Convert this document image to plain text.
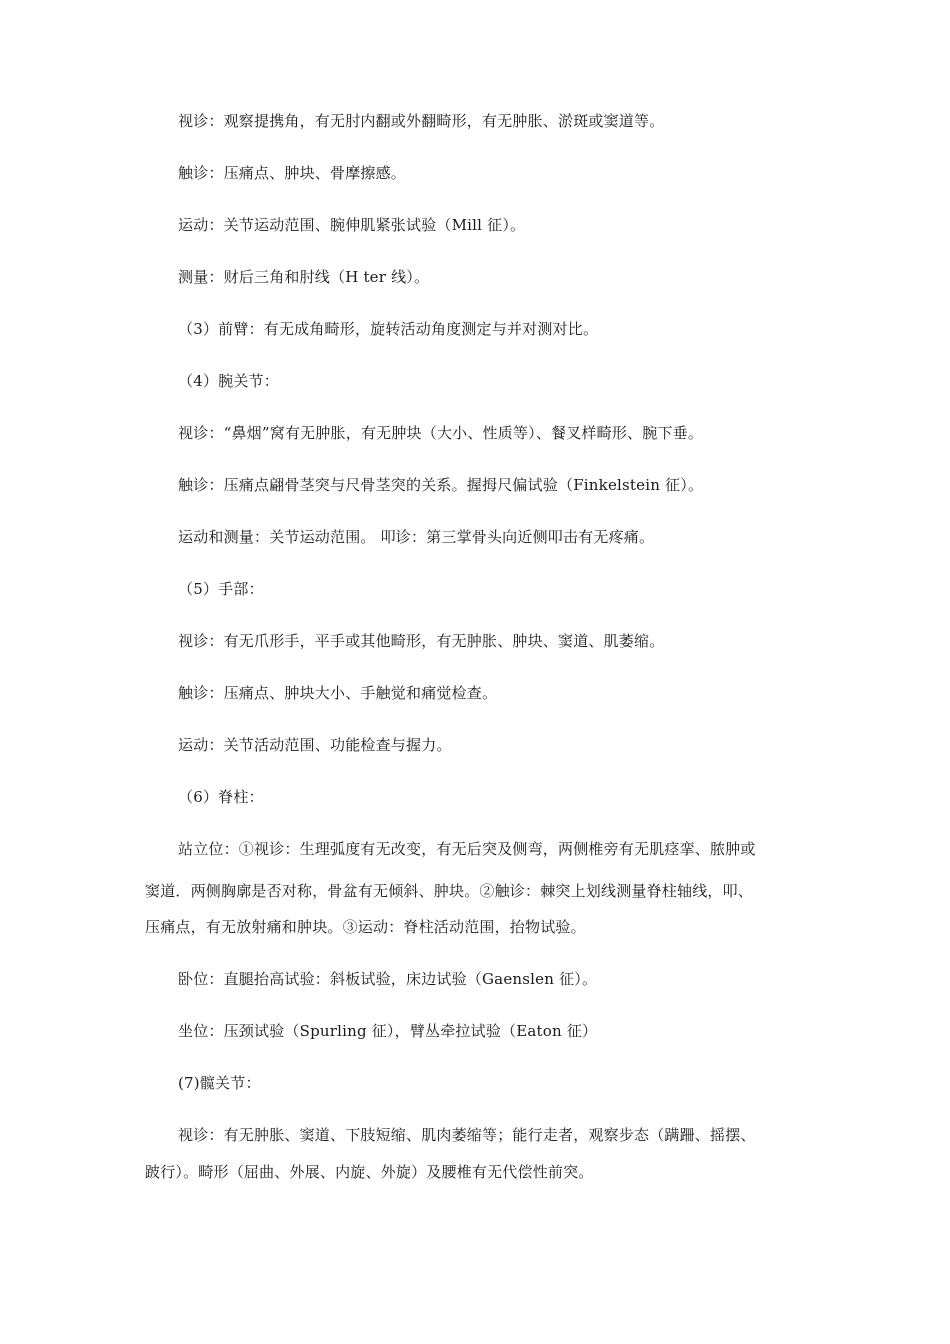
视诊：观察提携角，有无肘内翻或外翻畸形，有无肿胀、淤斑或窦道等。
触诊：压痛点、肿块、骨摩擦感。
运动：关节运动范围、腕伸肌紧张试验（Mill 征）。
测量：财后三角和肘线（H ter 线）。
（3）前臂：有无成角畸形，旋转活动角度测定与并对测对比。
（4）腕关节：
视诊：“鼻烟”窝有无肿胀，有无肿块（大小、性质等）、餐叉样畸形、腕下垂。
触诊：压痛点翩骨茎突与尺骨茎突的关系。握拇尺偏试验（Finkelstein 征）。
运动和测量：关节运动范围。 叩诊：第三掌骨头向近侧叩击有无疼痛。
（5）手部：
视诊：有无爪形手，平手或其他畸形，有无肿胀、肿块、窦道、肌萎缩。
触诊：压痛点、肿块大小、手触觉和痛觉检查。
运动：关节活动范围、功能检查与握力。
（6）脊柱：
站立位：①视诊：生理弧度有无改变，有无后突及侧弯，两侧椎旁有无肌痉挛、脓肿或
窦道．两侧胸廓是否对称，骨盆有无倾斜、肿块。②触诊：棘突上划线测量脊柱轴线，叩、
压痛点，有无放射痛和肿块。③运动：脊柱活动范围，抬物试验。
卧位：直腿抬高试验：斜板试验，床边试验（Gaenslen 征）。
坐位：压颈试验（Spurling 征），臂丛牵拉试验（Eaton 征）
(7)髋关节：
视诊：有无肿胀、窦道、下肢短缩、肌肉萎缩等；能行走者，观察步态（蹒跚、摇摆、
跛行）。畸形（屈曲、外展、内旋、外旋）及腰椎有无代偿性前突。
